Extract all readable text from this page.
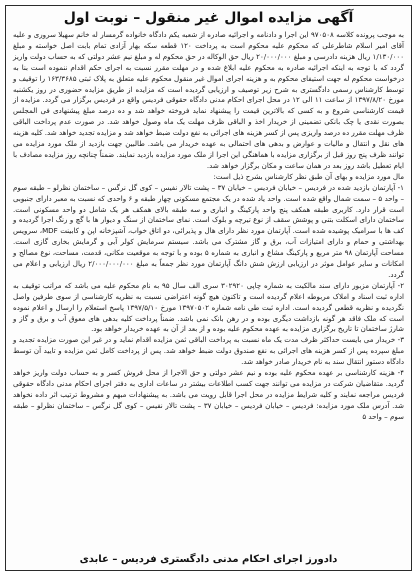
آگهی مزایده اموال غیر منقول – نوبت اول

به موجب پرونده کلاسه ۹۷۰۵۰۸ این اجرا و دادنامه و اجرائیه صادره از شعبه یکم دادگاه خانواده گرمسار له خانم سهیلا سروری و علیه آقای امیر اسلام شاطرعلی که محکوم علیه محکوم است به پرداخت ۱۲۰ قطعه سکه بهار آزادی تمام بابت اصل خواسته و مبلغ ۱/۱۳۰/۰۰۰ ریال هزینه دادرسی و مبلغ ۲۰/۰۰۰/۰۰۰ ریال حق الوکاله در حق محکوم له و مبلغ نیم عشر دولتی که به حساب دولت واریز گردد که با توجه به اینکه اجرائیه صادره به محکوم علیه ابلاغ شده و در مهلت مقرر نسبت به اجرای حکم اقدام ننموده است بنا به درخواست محکوم له جهت استیفای محکوم به و هزینه اجرای اموال غیر منقول محکوم علیه متعلق به پلاک ثبتی ۱۶۳/۳۶۸۵ را توقیف و توسط کارشناس رسمی دادگستری به شرح زیر توصیف و ارزیابی گردیده است که مزایده از طریق مزایده حضوری در روز یکشنبه مورخ ۱۳۹۷/۸/۲۰ از ساعت ۱۱ الی ۱۲ در محل اجرای احکام مدنی دادگاه حقوقی فردیس واقع در فردیس برگزار می گردد. مزایده از قیمت کارشناسی شروع و به کسی که بالاترین قیمت را پیشنهاد نماید فروخته خواهد شد و ده درصد مبلغ پیشنهادی فی المجلس بصورت نقدی یا چک بانکی تضمینی از خریدار اخذ و الباقی ظرف مهلت یک ماه وصول خواهد شد. در صورت عدم پرداخت الباقی ظرف مهلت مقرر ده درصد واریزی پس از کسر هزینه های اجرائی به نفع دولت ضبط خواهد شد و مزایده تجدید خواهد شد. کلیه هزینه های نقل و انتقال و مالیات و عوارض و بدهی های احتمالی به عهده خریدار می باشد. طالبین جهت بازدید از ملک مورد مزایده می توانند ظرف پنج روز قبل از برگزاری مزایده با هماهنگی این اجرا از ملک مورد مزایده بازدید نمایند. ضمناً چنانچه روز مزایده مصادف با ایام تعطیل باشد روز بعد در همان ساعت و مکان برگزار خواهد شد.

مال مورد مزایده و بهای آن طبق نظر کارشناس بشرح ذیل است:

۱- آپارتمان بازدید شده در فردیس – خیابان فردیس – خیابان ۳۷ – پشت تالار نفیس – کوی گل نرگس – ساختمان نظرلو – طبقه سوم – واحد ۵ – سمت شمال واقع شده است. واحد یاد شده در یک مجتمع مسکونی چهار طبقه و ۶ واحدی که نسبت به معبر دارای جنبوبی است قرار دارد. کاربری طبقه همکف پنج واحد پارکینگ و انباری و سه طبقه بالای همکف هر یک شامل دو واحد مسکونی است. ساختمان دارای اسکلت بتنی و پوشش سقف از نوع تیرچه و بلوک است. نمای ساختمان از سنگ و دیوار ها با گچ و رنگ اجرا گردیده و کف ها با سرامیک پوشیده شده است. آپارتمان مورد نظر دارای هال و پذیرائی، دو اتاق خواب، آشپزخانه اپن و کابینت MDF، سرویس بهداشتی و حمام و دارای امتیازات آب، برق و گاز مشترک می باشد. سیستم سرمایش کولر آبی و گرمایش بخاری گازی است. مساحت آپارتمان ۹۸ متر مربع و پارکینگ مشاع و انباری به شماره ۵ بوده و با توجه به موقعیت مکانی، قدمت، مساحت، نوع مصالح و امکانات و سایر عوامل موثر در ارزیابی ارزش شش دانگ آپارتمان مورد نظر جمعاً به مبلغ ۲/۰۰۰/۰۰۰/۰۰۰ ریال ارزیابی و اعلام می گردد.

۲- آپارتمان مزبور دارای سند مالکیت به شماره چاپی ۳۰۲۹۲۰ سری الف سال ۹۵ به نام محکوم علیه می باشد که مراتب توقیف به اداره ثبت اسناد و املاک مربوطه اعلام گردیده است و تاکنون هیچ گونه اعتراضی نسبت به نظریه کارشناسی از سوی طرفین واصل نگردیده و نظریه قطعی گردیده است. اداره ثبت طی نامه شماره ۱۳۹۷۰۵۰۲ مورخ ۱۳۹۷/۵/۱۰ پاسخ استعلام را ارسال و اعلام نموده است که ملک فاقد هر گونه بازداشت دیگری بوده و در رهن بانک نمی باشد. ضمناً پرداخت کلیه بدهی های معوق آب و برق و گاز و شارژ ساختمان تا تاریخ برگزاری مزایده به عهده محکوم علیه بوده و از بعد از آن به عهده خریدار خواهد بود.

۳- خریدار می بایست حداکثر ظرف مدت یک ماه نسبت به پرداخت الباقی ثمن مزایده اقدام نماید و در غیر این صورت مزایده تجدید و مبلغ سپرده پس از کسر هزینه های اجرائی به نفع صندوق دولت ضبط خواهد شد. پس از پرداخت کامل ثمن مزایده و تایید آن توسط دادگاه دستور انتقال سند به نام خریدار صادر خواهد شد.

۴- هزینه کارشناسی بر عهده محکوم علیه بوده و نیم عشر دولتی و حق الاجرا از محل فروش کسر و به حساب دولت واریز خواهد گردید. متقاضیان شرکت در مزایده می توانند جهت کسب اطلاعات بیشتر در ساعات اداری به دفتر اجرای احکام مدنی دادگاه حقوقی فردیس مراجعه نمایند و کلیه شرایط مزایده در محل اجرا قابل رویت می باشد. به پیشنهادات مبهم و مشروط ترتیب اثر داده نخواهد شد. آدرس ملک مورد مزایده: فردیس – خیابان فردیس – خیابان ۳۷ – پشت تالار نفیس – کوی گل نرگس – ساختمان نظرلو – طبقه سوم – واحد ۵

دادورز اجرای احکام مدنی دادگستری فردیس – عابدی
